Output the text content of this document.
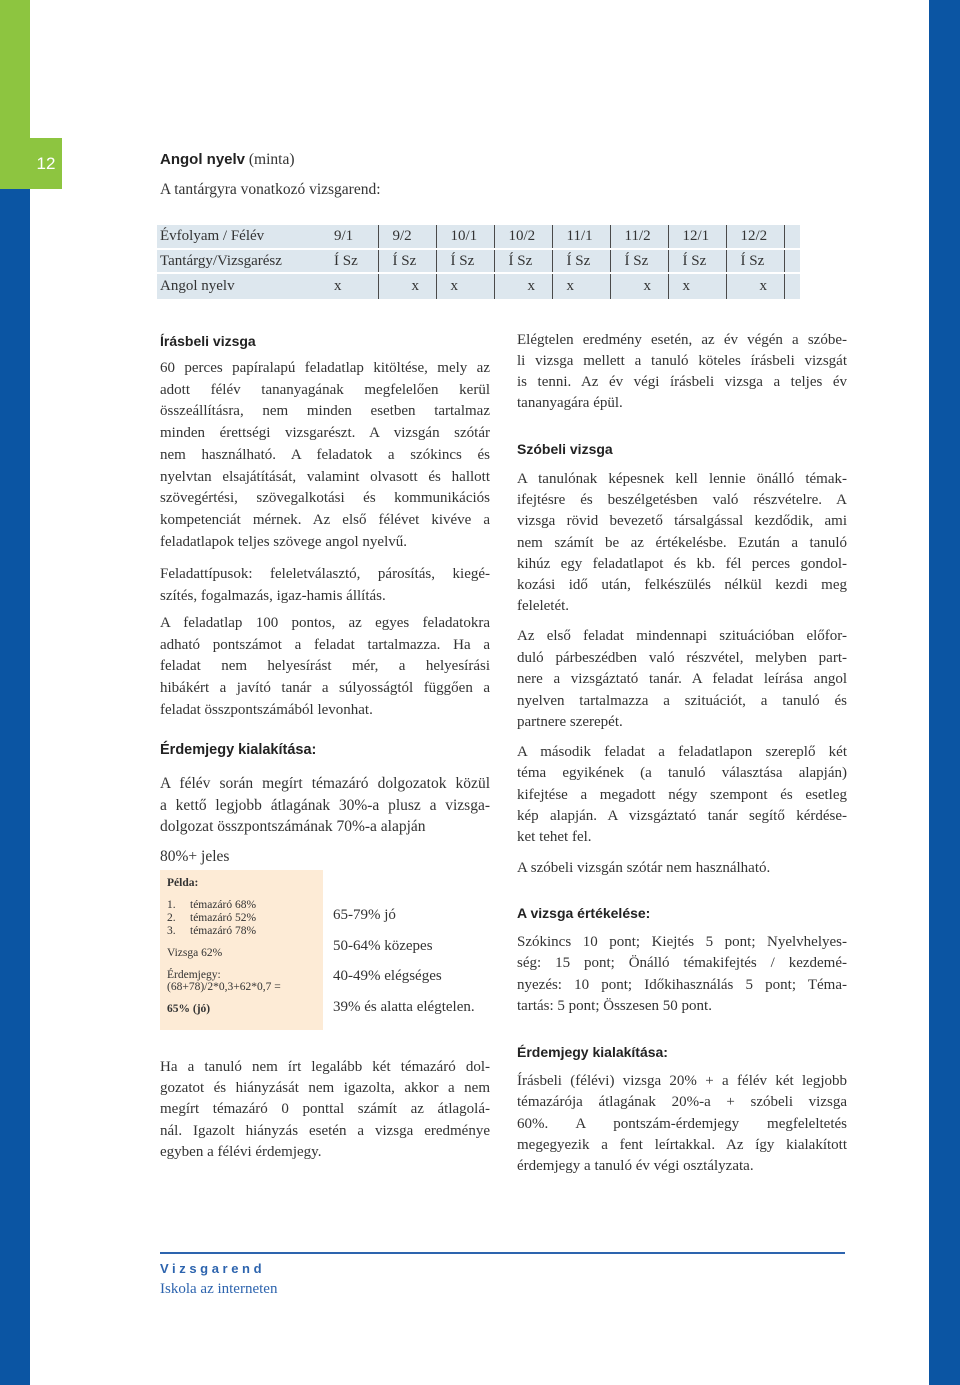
12	Angol nyelv (minta)
A tantárgyra vonatkozó vizsgarend:
Évfolyam / Félév	9/1	9/2	10/1	10/2	11/1	11/2	12/1	12/2	
Tantárgy/Vizsgarész	Í Sz	Í Sz	Í Sz	Í Sz	Í Sz	Í Sz	Í Sz	Í Sz	
Angol nyelv	x	x	x	x	x	x	x	x	
Írásbeli vizsga
60 perces papíralapú feladatlap kitöltése, mely az
adott félév tananyagának megfelelően kerül
összeállításra, nem minden esetben tartalmaz
minden érettségi vizsgarészt. A vizsgán szótár
nem használható. A feladatok a szókincs és
nyelvtan elsajátítását, valamint olvasott és hallott
szövegértési, szövegalkotási és kommunikációs
kompetenciát mérnek. Az első félévet kivéve a
feladatlapok teljes szövege angol nyelvű.
Feladattípusok: feleletválasztó, párosítás, kiegé-
szítés, fogalmazás, igaz-hamis állítás.
A feladatlap 100 pontos, az egyes feladatokra
adható pontszámot a feladat tartalmazza. Ha a
feladat nem helyesírást mér, a helyesírási
hibákért a javító tanár a súlyosságtól függően a
feladat összpontszámából levonhat.
Érdemjegy kialakítása:
A félév során megírt témazáró dolgozatok közül
a kettő legjobb átlagának 30%-a plusz a vizsga-
dolgozat összpontszámának 70%-a alapján
80%+ jeles
Példa:
1. témazáró 68%
2. témazáró 52%
3. témazáró 78%
Vizsga 62%
Érdemjegy:
(68+78)/2*0,3+62*0,7 =
65% (jó)
65-79% jó
50-64% közepes
40-49% elégséges
39% és alatta elégtelen.
Ha a tanuló nem írt legalább két témazáró dol-
gozatot és hiányzását nem igazolta, akkor a nem
megírt témazáró 0 ponttal számít az átlagolá-
nál. Igazolt hiányzás esetén a vizsga eredménye
egyben a félévi érdemjegy.
Elégtelen eredmény esetén, az év végén a szóbe-
li vizsga mellett a tanuló köteles írásbeli vizsgát
is tenni. Az év végi írásbeli vizsga a teljes év
tananyagára épül.
Szóbeli vizsga
A tanulónak képesnek kell lennie önálló témak-
ifejtésre és beszélgetésben való részvételre. A
vizsga rövid bevezető társalgással kezdődik, ami
nem számít be az értékelésbe. Ezután a tanuló
kihúz egy feladatlapot és kb. fél perces gondol-
kozási idő után, felkészülés nélkül kezdi meg
feleletét.
Az első feladat mindennapi szituációban előfor-
duló párbeszédben való részvétel, melyben part-
nere a vizsgáztató tanár. A feladat leírása angol
nyelven tartalmazza a szituációt, a tanuló és
partnere szerepét.
A második feladat a feladatlapon szereplő két
téma egyikének (a tanuló választása alapján)
kifejtése a megadott négy szempont és esetleg
kép alapján. A vizsgáztató tanár segítő kérdése-
ket tehet fel.
A szóbeli vizsgán szótár nem használható.
A vizsga értékelése:
Szókincs 10 pont; Kiejtés 5 pont; Nyelvhelyes-
ség: 15 pont; Önálló témakifejtés / kezdemé-
nyezés: 10 pont; Időkihasználás 5 pont; Téma-
tartás: 5 pont; Összesen 50 pont.
Érdemjegy kialakítása:
Írásbeli (félévi) vizsga 20% + a félév két legjobb
témazárója átlagának 20%-a + szóbeli vizsga
60%. A pontszám-érdemjegy megfeleltetés
megegyezik a fent leírtakkal. Az így kialakított
érdemjegy a tanuló év végi osztályzata.
Vizsgarend
Iskola az interneten
